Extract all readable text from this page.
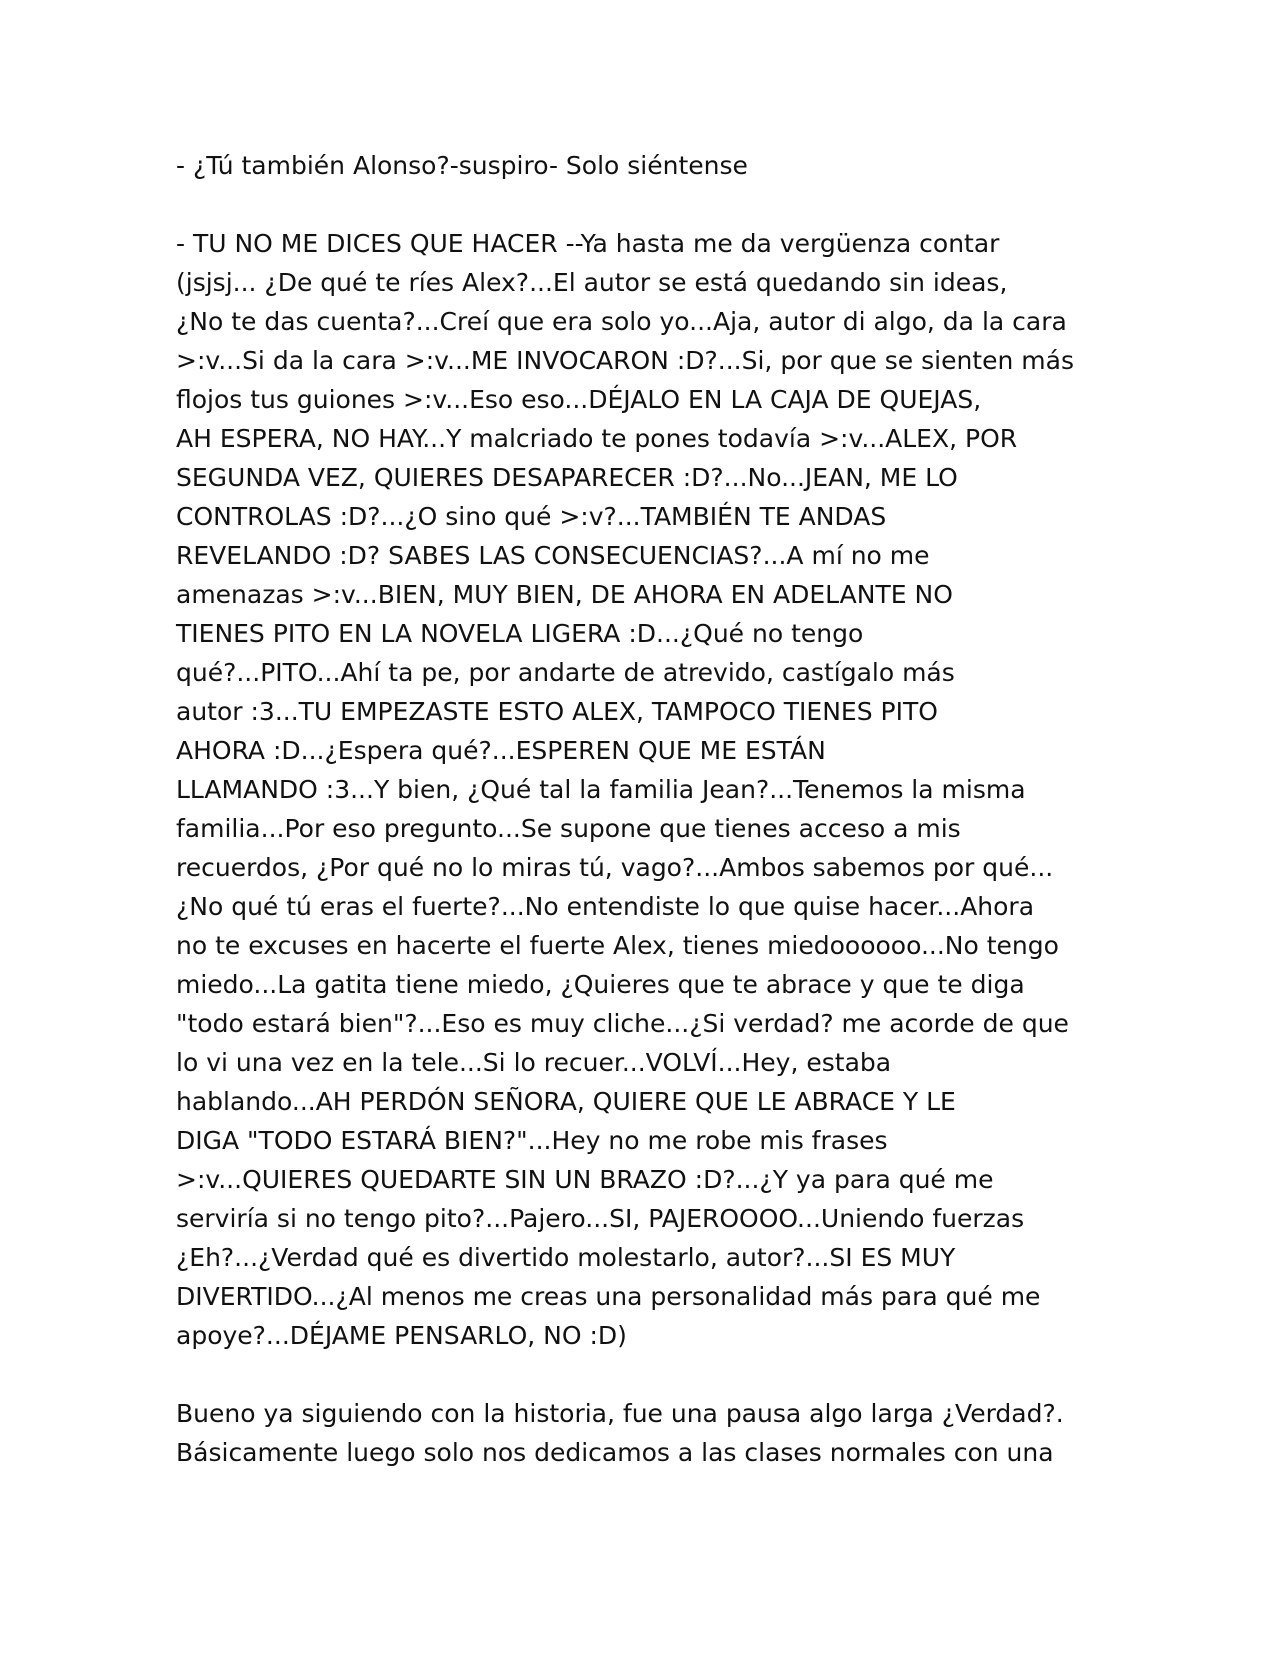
- ¿Tú también Alonso?-suspiro- Solo siéntense

- TU NO ME DICES QUE HACER --Ya hasta me da vergüenza contar
(jsjsj... ¿De qué te ríes Alex?...El autor se está quedando sin ideas,
¿No te das cuenta?...Creí que era solo yo...Aja, autor di algo, da la cara
>:v...Si da la cara >:v...ME INVOCARON :D?...Si, por que se sienten más
flojos tus guiones >:v...Eso eso...DÉJALO EN LA CAJA DE QUEJAS,
AH ESPERA, NO HAY...Y malcriado te pones todavía >:v...ALEX, POR
SEGUNDA VEZ, QUIERES DESAPARECER :D?...No...JEAN, ME LO
CONTROLAS :D?...¿O sino qué >:v?...TAMBIÉN TE ANDAS
REVELANDO :D? SABES LAS CONSECUENCIAS?...A mí no me
amenazas >:v...BIEN, MUY BIEN, DE AHORA EN ADELANTE NO
TIENES PITO EN LA NOVELA LIGERA :D...¿Qué no tengo
qué?...PITO...Ahí ta pe, por andarte de atrevido, castígalo más
autor :3...TU EMPEZASTE ESTO ALEX, TAMPOCO TIENES PITO
AHORA :D...¿Espera qué?...ESPEREN QUE ME ESTÁN
LLAMANDO :3...Y bien, ¿Qué tal la familia Jean?...Tenemos la misma
familia...Por eso pregunto...Se supone que tienes acceso a mis
recuerdos, ¿Por qué no lo miras tú, vago?...Ambos sabemos por qué...
¿No qué tú eras el fuerte?...No entendiste lo que quise hacer...Ahora
no te excuses en hacerte el fuerte Alex, tienes miedoooooo...No tengo
miedo...La gatita tiene miedo, ¿Quieres que te abrace y que te diga
"todo estará bien"?...Eso es muy cliche...¿Si verdad? me acorde de que
lo vi una vez en la tele...Si lo recuer...VOLVÍ...Hey, estaba
hablando...AH PERDÓN SEÑORA, QUIERE QUE LE ABRACE Y LE
DIGA "TODO ESTARÁ BIEN?"...Hey no me robe mis frases
>:v...QUIERES QUEDARTE SIN UN BRAZO :D?...¿Y ya para qué me
serviría si no tengo pito?...Pajero...SI, PAJEROOOO...Uniendo fuerzas
¿Eh?...¿Verdad qué es divertido molestarlo, autor?...SI ES MUY
DIVERTIDO...¿Al menos me creas una personalidad más para qué me
apoye?...DÉJAME PENSARLO, NO :D)

Bueno ya siguiendo con la historia, fue una pausa algo larga ¿Verdad?.
Básicamente luego solo nos dedicamos a las clases normales con una
